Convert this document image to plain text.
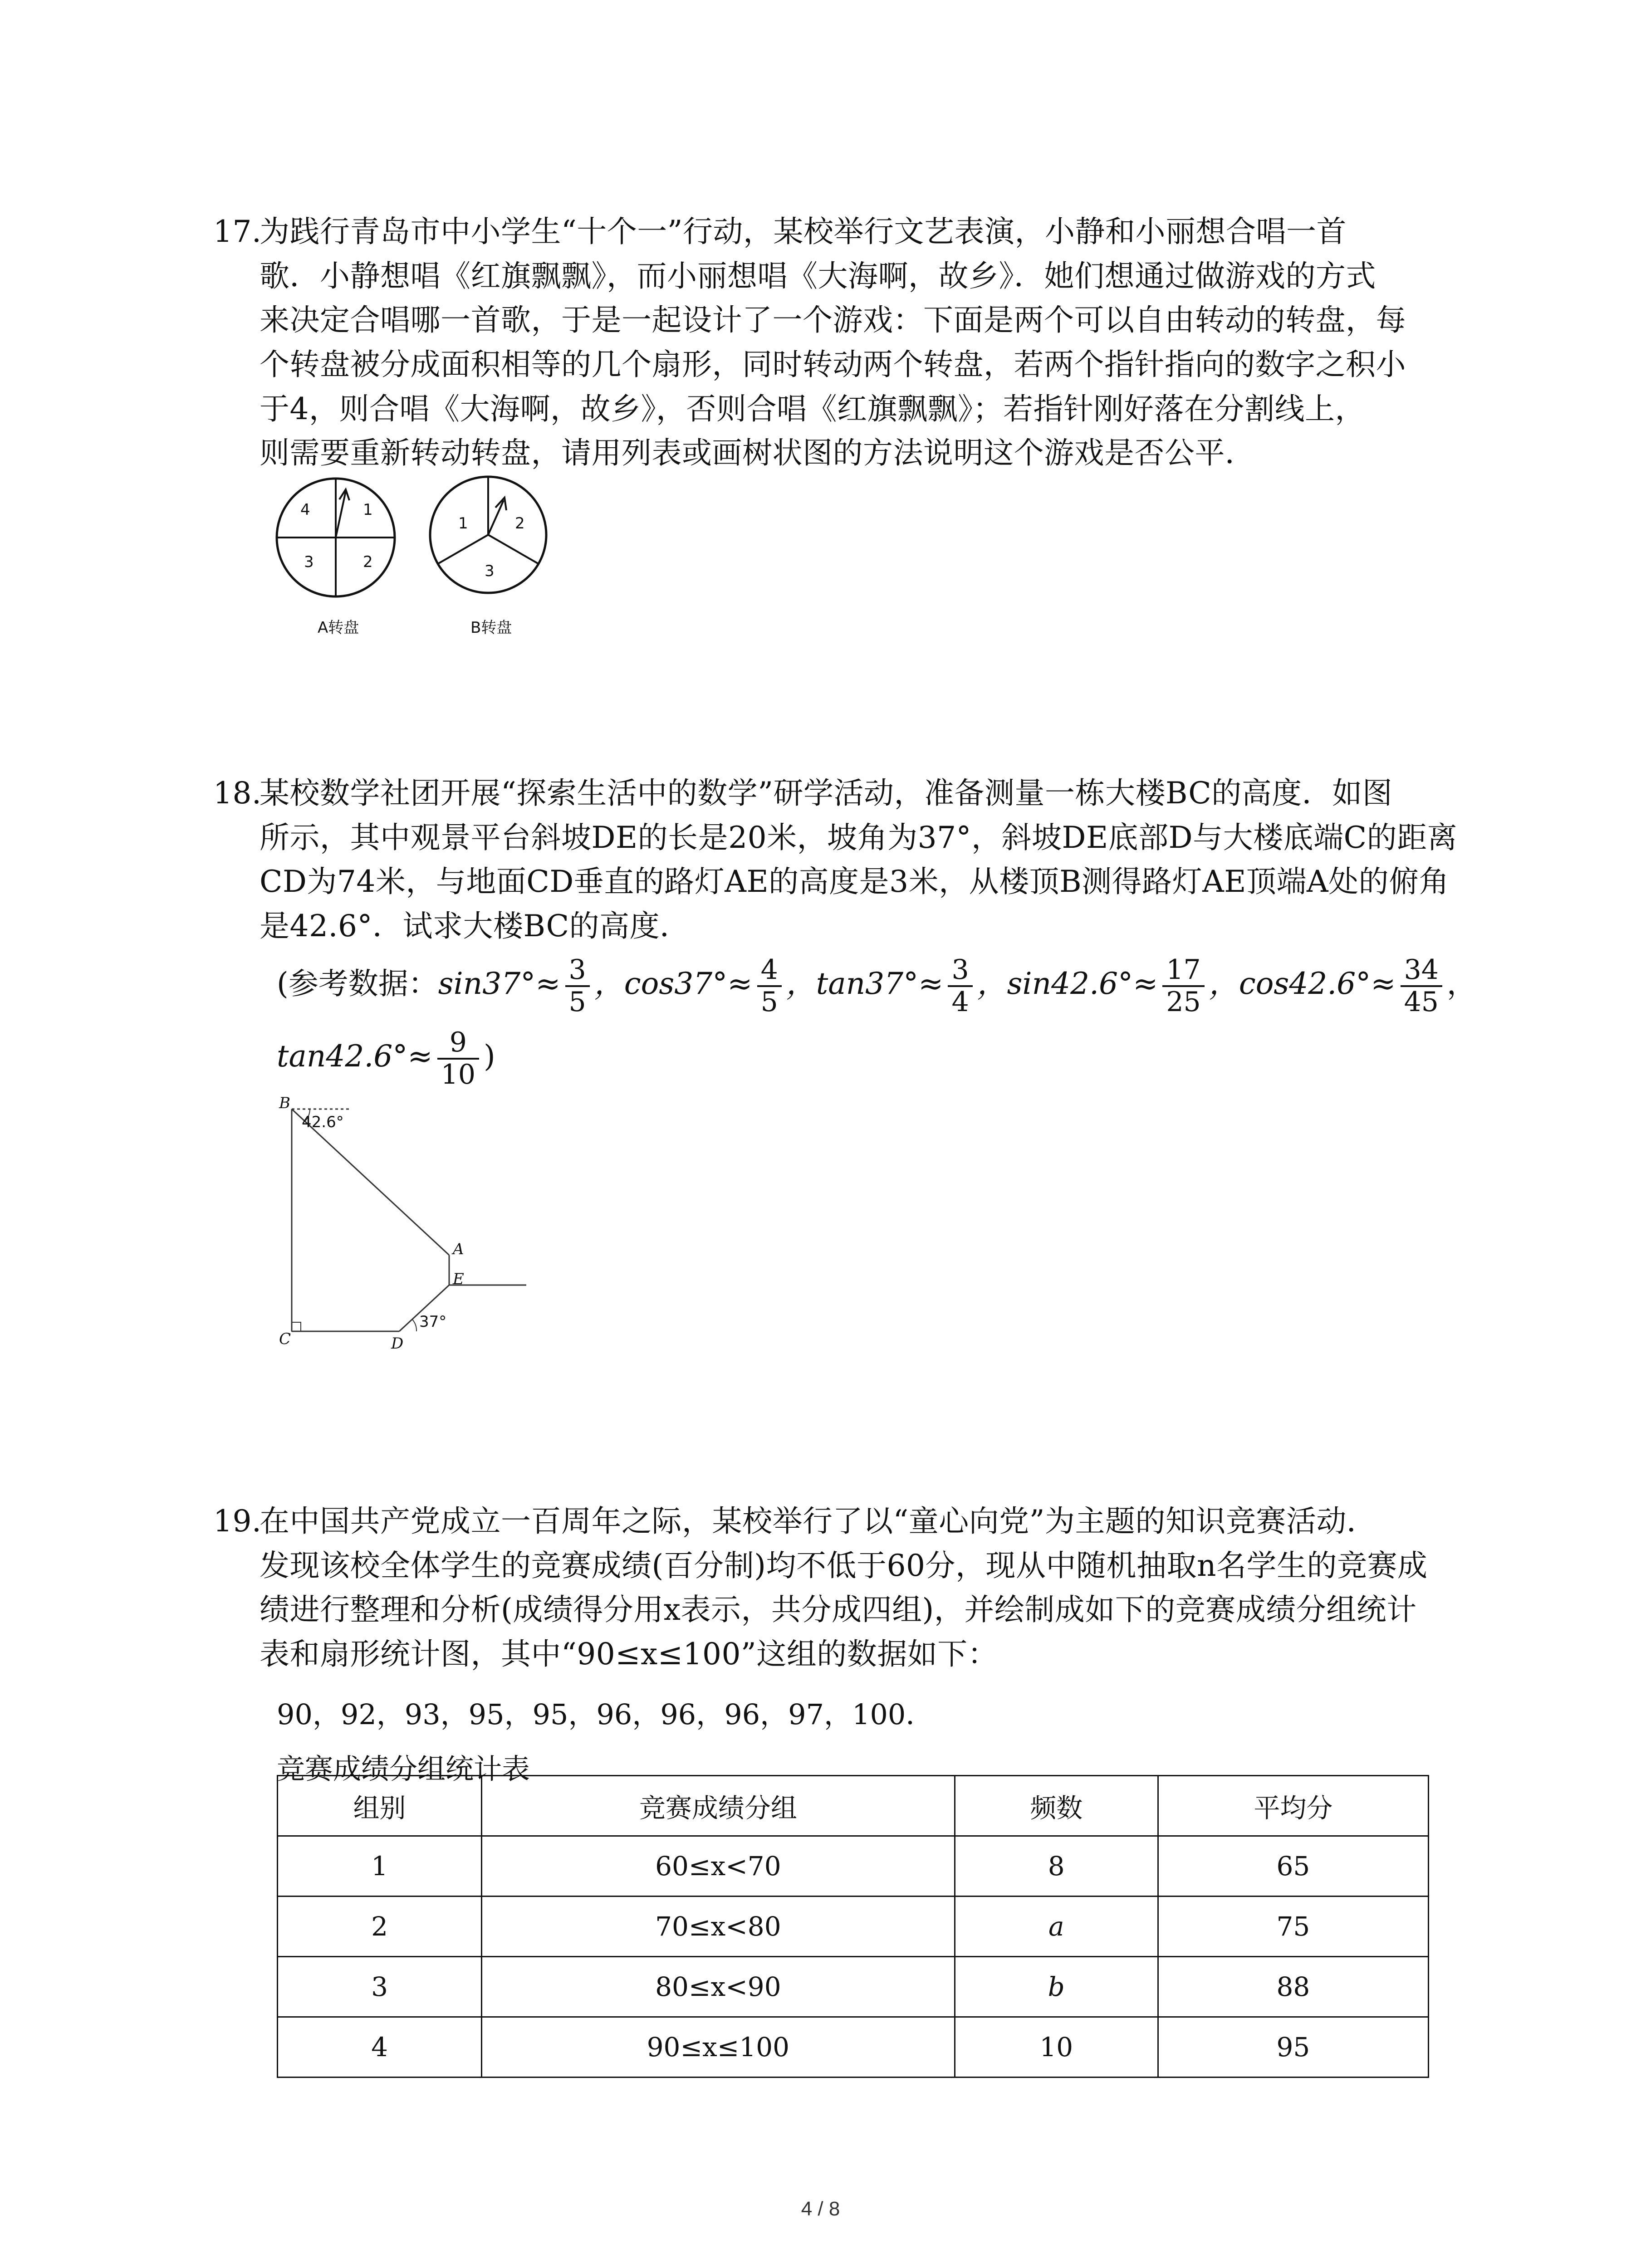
17.为践行青岛市中小学生“十个一”行动，某校举行文艺表演，小静和小丽想合唱一首
歌．小静想唱《红旗飘飘》，而小丽想唱《大海啊，故乡》．她们想通过做游戏的方式
来决定合唱哪一首歌，于是一起设计了一个游戏：下面是两个可以自由转动的转盘，每
个转盘被分成面积相等的几个扇形，同时转动两个转盘，若两个指针指向的数字之积小
于4，则合唱《大海啊，故乡》，否则合唱《红旗飘飘》；若指针刚好落在分割线上，
则需要重新转动转盘，请用列表或画树状图的方法说明这个游戏是否公平．
4	1
3	2
A转盘
1	2
3
B转盘
18.某校数学社团开展“探索生活中的数学”研学活动，准备测量一栋大楼BC的高度．如图
所示，其中观景平台斜坡DE的长是20米，坡角为37°，斜坡DE底部D与大楼底端C的距离
CD为74米，与地面CD垂直的路灯AE的高度是3米，从楼顶B测得路灯AE顶端A处的俯角
是42.6°．试求大楼BC的高度．
(参考数据：$\sin 37^\circ\approx \frac{3}{5}$ ，$\cos 37^\circ\approx \frac{4}{5}$ ，$\tan 37^\circ\approx \frac{3}{4}$ ，$\sin 42.6^\circ\approx \frac{17}{25}$ ，$\cos 42.6^\circ\approx \frac{34}{45}$ ，
$\tan 42.6^\circ\approx \frac{9}{10}$ )
B
42.6°
A
E
C	D
37°
19.在中国共产党成立一百周年之际，某校举行了以“童心向党”为主题的知识竞赛活动．
发现该校全体学生的竞赛成绩(百分制)均不低于60分，现从中随机抽取n名学生的竞赛成
绩进行整理和分析(成绩得分用x表示，共分成四组)，并绘制成如下的竞赛成绩分组统计
表和扇形统计图，其中“90≤x≤100”这组的数据如下：
90，92，93，95，95，96，96，96，97，100．
竞赛成绩分组统计表
组别	竞赛成绩分组	频数	平均分
1	60≤x<70	8	65
2	70≤x<80	a	75
3	80≤x<90	b	88
4	90≤x≤100	10	95
4 / 8
